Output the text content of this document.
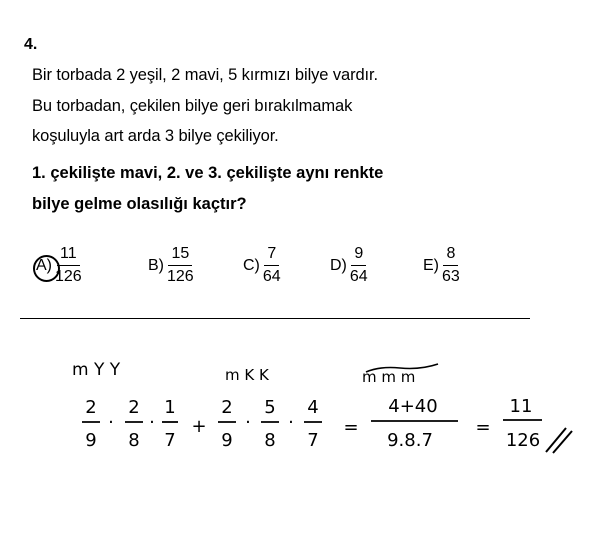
4.
Bir torbada 2 yeşil, 2 mavi, 5 kırmızı bilye vardır.
Bu torbadan, çekilen bilye geri bırakılmamak
koşuluyla art arda 3 bilye çekiliyor.
1. çekilişte mavi, 2. ve 3. çekilişte aynı renkte
bilye gelme olasılığı kaçtır?
$A) \frac{11}{126}$	$B) \frac{15}{126}$	$C) \frac{7}{64}$	$D) \frac{9}{64}$	$E) \frac{8}{63}$
m Y Y	m K K	m m m
2
9
·
2
8
·
1
7
+
2
9
·
5
8
·
4
7
=
4+40
9.8.7
=
11
126
